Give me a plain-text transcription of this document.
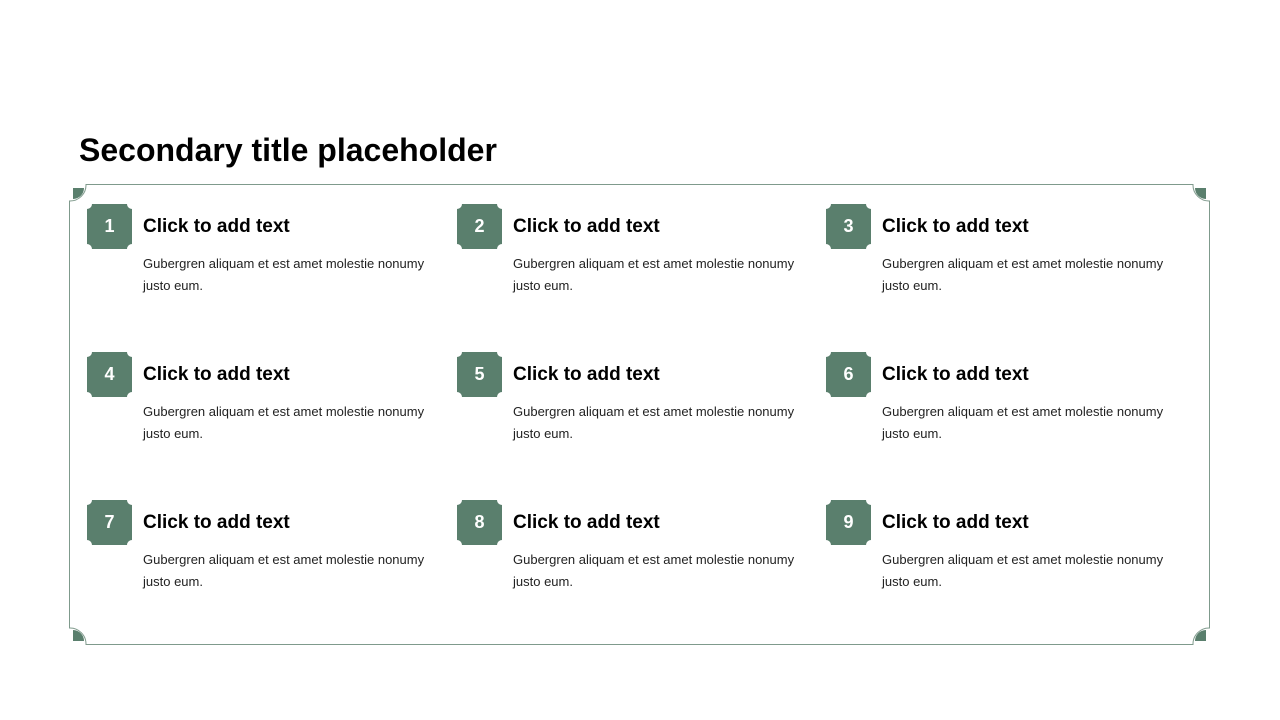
Secondary title placeholder
1	Click to add text
Gubergren aliquam et est amet molestie nonumy justo eum.
2	Click to add text
Gubergren aliquam et est amet molestie nonumy justo eum.
3	Click to add text
Gubergren aliquam et est amet molestie nonumy justo eum.
4	Click to add text
Gubergren aliquam et est amet molestie nonumy justo eum.
5	Click to add text
Gubergren aliquam et est amet molestie nonumy justo eum.
6	Click to add text
Gubergren aliquam et est amet molestie nonumy justo eum.
7	Click to add text
Gubergren aliquam et est amet molestie nonumy justo eum.
8	Click to add text
Gubergren aliquam et est amet molestie nonumy justo eum.
9	Click to add text
Gubergren aliquam et est amet molestie nonumy justo eum.
